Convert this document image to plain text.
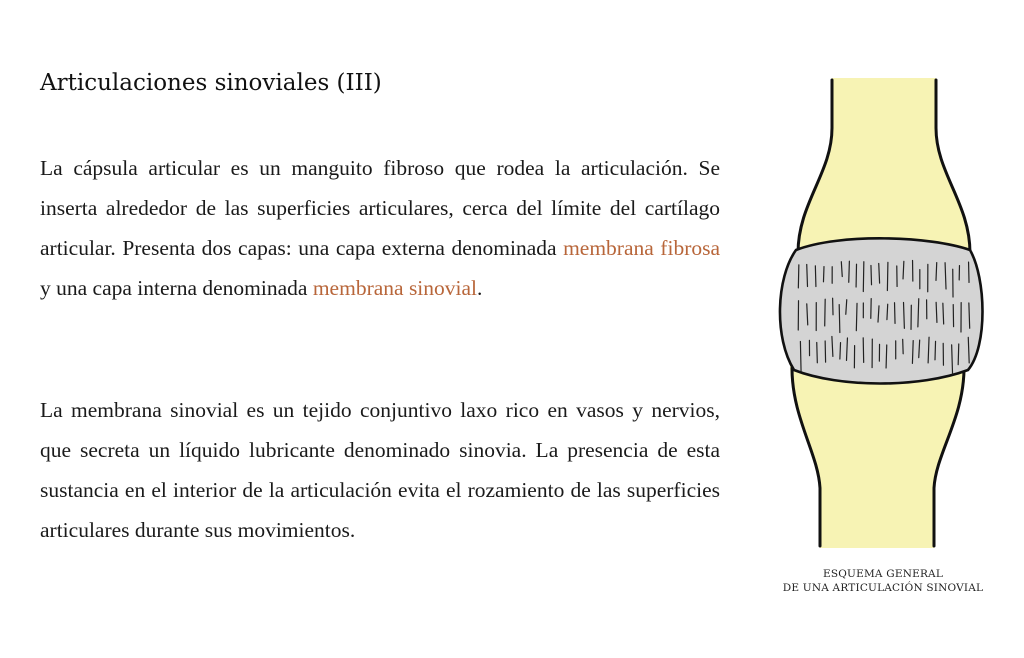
Articulaciones sinoviales (III)

La cápsula articular es un manguito fibroso que rodea la articulación. Se inserta alrededor de las superficies articulares, cerca del límite del cartílago articular. Presenta dos capas: una capa externa denominada membrana fibrosa y una capa interna denominada membrana sinovial.

La membrana sinovial es un tejido conjuntivo laxo rico en vasos y nervios, que secreta un líquido lubricante denominado sinovia. La presencia de esta sustancia en el interior de la articulación evita el rozamiento de las superficies articulares durante sus movimientos.

ESQUEMA GENERAL
DE UNA ARTICULACIÓN SINOVIAL
